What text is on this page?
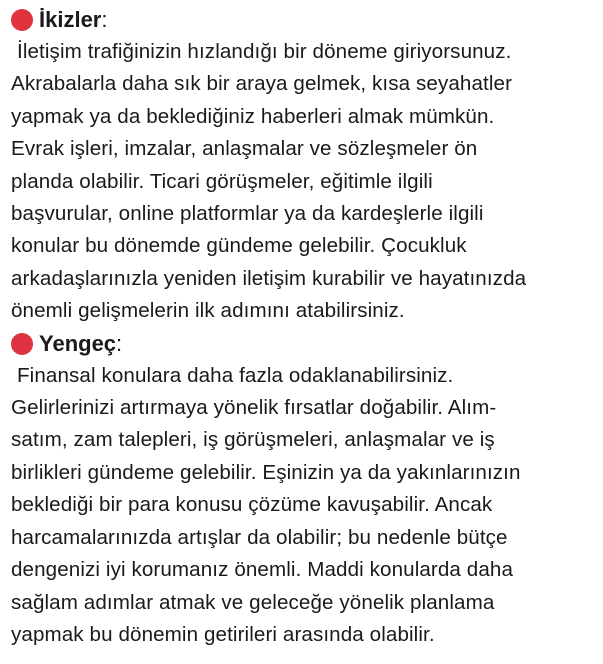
İkizler :

İletişim trafiğinizin hızlandığı bir döneme giriyorsunuz.
Akrabalarla daha sık bir araya gelmek, kısa seyahatler
yapmak ya da beklediğiniz haberleri almak mümkün.
Evrak işleri, imzalar, anlaşmalar ve sözleşmeler ön
planda olabilir. Ticari görüşmeler, eğitimle ilgili
başvurular, online platformlar ya da kardeşlerle ilgili
konular bu dönemde gündeme gelebilir. Çocukluk
arkadaşlarınızla yeniden iletişim kurabilir ve hayatınızda
önemli gelişmelerin ilk adımını atabilirsiniz.

Yengeç :

Finansal konulara daha fazla odaklanabilirsiniz.
Gelirlerinizi artırmaya yönelik fırsatlar doğabilir. Alım-
satım, zam talepleri, iş görüşmeleri, anlaşmalar ve iş
birlikleri gündeme gelebilir. Eşinizin ya da yakınlarınızın
beklediği bir para konusu çözüme kavuşabilir. Ancak
harcamalarınızda artışlar da olabilir; bu nedenle bütçe
dengenizi iyi korumanız önemli. Maddi konularda daha
sağlam adımlar atmak ve geleceğe yönelik planlama
yapmak bu dönemin getirileri arasında olabilir.
